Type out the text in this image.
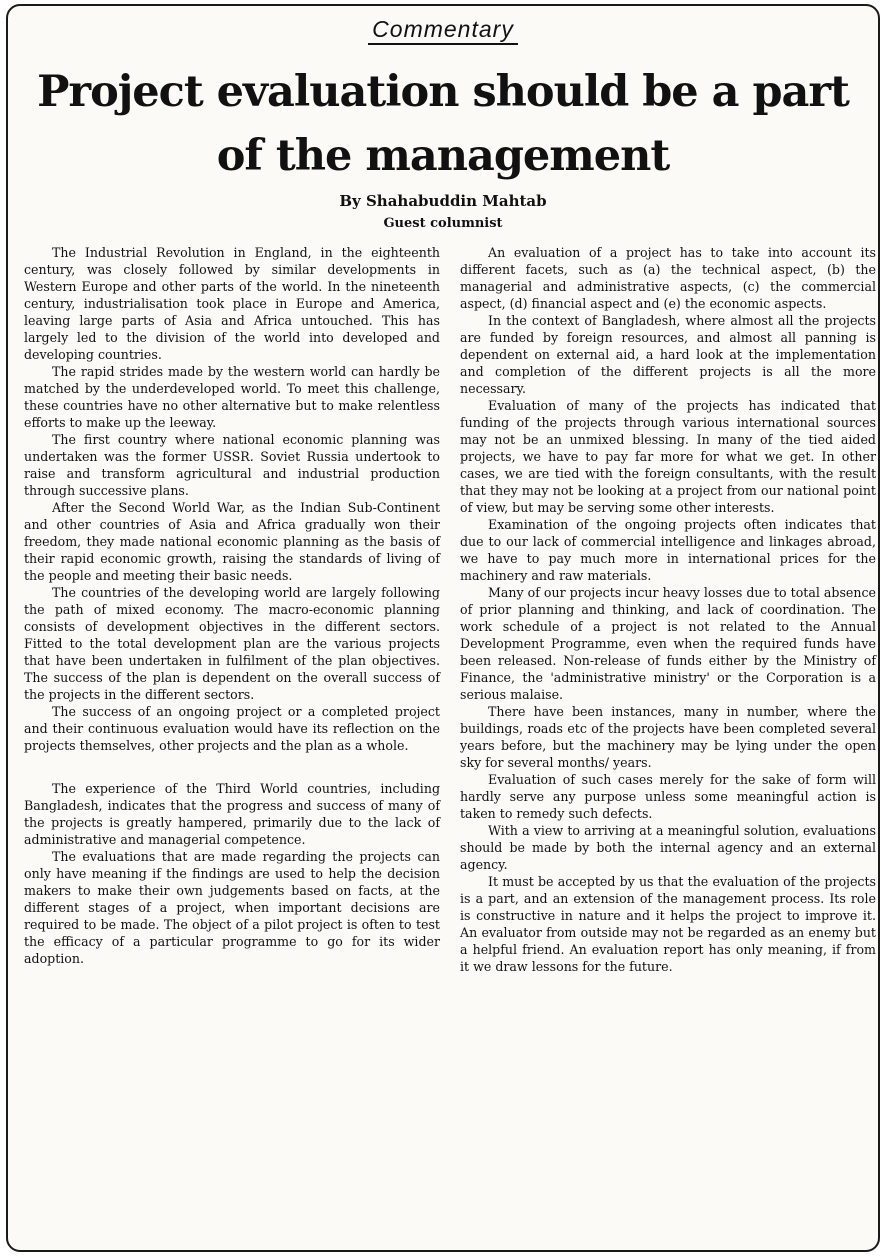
Commentary
Project evaluation should be a part of the management
By Shahabuddin Mahtab
Guest columnist

The Industrial Revolution in England, in the eighteenth century, was closely followed by similar developments in Western Europe and other parts of the world. In the nineteenth century, industrialisation took place in Europe and America, leaving large parts of Asia and Africa untouched. This has largely led to the division of the world into developed and developing countries.

The rapid strides made by the western world can hardly be matched by the underdeveloped world. To meet this challenge, these countries have no other alternative but to make relentless efforts to make up the leeway.

The first country where national economic planning was undertaken was the former USSR. Soviet Russia undertook to raise and transform agricultural and industrial production through successive plans.

After the Second World War, as the Indian Sub-Continent and other countries of Asia and Africa gradually won their freedom, they made national economic planning as the basis of their rapid economic growth, raising the standards of living of the people and meeting their basic needs.

The countries of the developing world are largely following the path of mixed economy. The macro-economic planning consists of development objectives in the different sectors. Fitted to the total development plan are the various projects that have been undertaken in fulfilment of the plan objectives. The success of the plan is dependent on the overall success of the projects in the different sectors.

The success of an ongoing project or a completed project and their continuous evaluation would have its reflection on the projects themselves, other projects and the plan as a whole.

The experience of the Third World countries, including Bangladesh, indicates that the progress and success of many of the projects is greatly hampered, primarily due to the lack of administrative and managerial competence.

The evaluations that are made regarding the projects can only have meaning if the findings are used to help the decision makers to make their own judgements based on facts, at the different stages of a project, when important decisions are required to be made. The object of a pilot project is often to test the efficacy of a particular programme to go for its wider adoption.

An evaluation of a project has to take into account its different facets, such as (a) the technical aspect, (b) the managerial and administrative aspects, (c) the commercial aspect, (d) financial aspect and (e) the economic aspects.

In the context of Bangladesh, where almost all the projects are funded by foreign resources, and almost all panning is dependent on external aid, a hard look at the implementation and completion of the different projects is all the more necessary.

Evaluation of many of the projects has indicated that funding of the projects through various international sources may not be an unmixed blessing. In many of the tied aided projects, we have to pay far more for what we get. In other cases, we are tied with the foreign consultants, with the result that they may not be looking at a project from our national point of view, but may be serving some other interests.

Examination of the ongoing projects often indicates that due to our lack of commercial intelligence and linkages abroad, we have to pay much more in international prices for the machinery and raw materials.

Many of our projects incur heavy losses due to total absence of prior planning and thinking, and lack of coordination. The work schedule of a project is not related to the Annual Development Programme, even when the required funds have been released. Non-release of funds either by the Ministry of Finance, the 'administrative ministry' or the Corporation is a serious malaise.

There have been instances, many in number, where the buildings, roads etc of the projects have been completed several years before, but the machinery may be lying under the open sky for several months/ years.

Evaluation of such cases merely for the sake of form will hardly serve any purpose unless some meaningful action is taken to remedy such defects.

With a view to arriving at a meaningful solution, evaluations should be made by both the internal agency and an external agency.

It must be accepted by us that the evaluation of the projects is a part, and an extension of the management process. Its role is constructive in nature and it helps the project to improve it. An evaluator from outside may not be regarded as an enemy but a helpful friend. An evaluation report has only meaning, if from it we draw lessons for the future.
